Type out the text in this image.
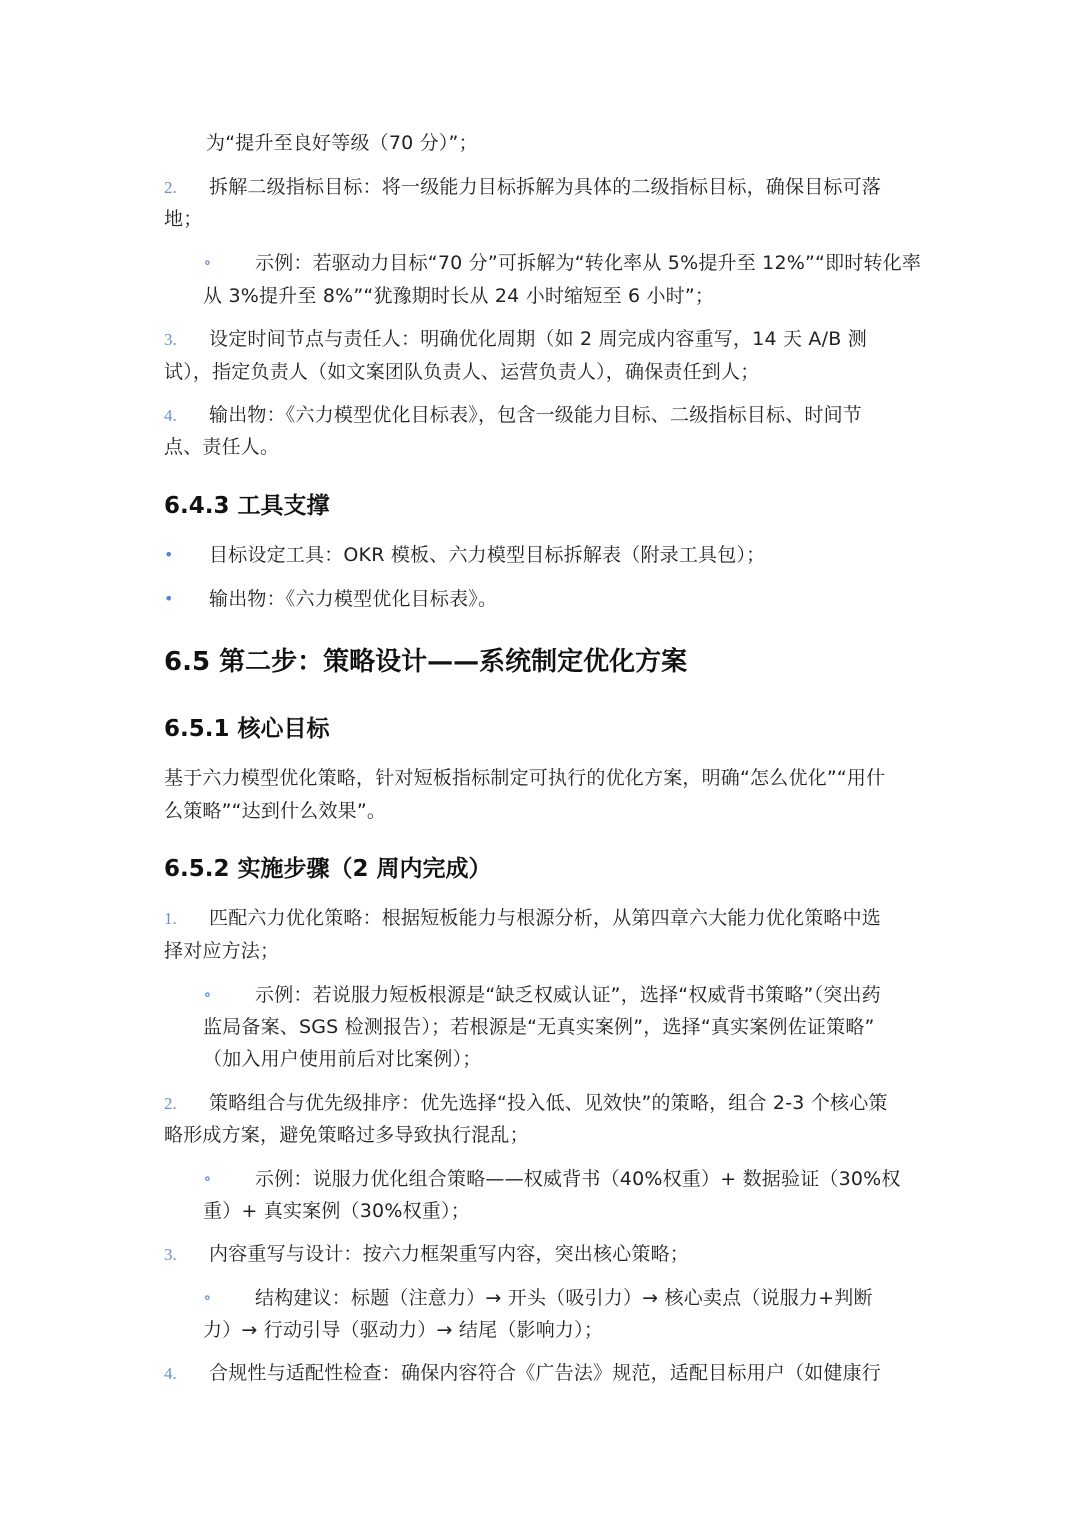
为“提升至良好等级（70 分）”；
2. 拆解二级指标目标：将一级能力目标拆解为具体的二级指标目标，确保目标可落
地；
∘ 示例：若驱动力目标“70 分”可拆解为“转化率从 5%提升至 12%”“即时转化率
从 3%提升至 8%”“犹豫期时长从 24 小时缩短至 6 小时”；
3. 设定时间节点与责任人：明确优化周期（如 2 周完成内容重写，14 天 A/B 测
试），指定负责人（如文案团队负责人、运营负责人），确保责任到人；
4. 输出物：《六力模型优化目标表》，包含一级能力目标、二级指标目标、时间节
点、责任人。
6.4.3 工具支撑
• 目标设定工具：OKR 模板、六力模型目标拆解表（附录工具包）；
• 输出物：《六力模型优化目标表》。
6.5 第二步：策略设计——系统制定优化方案
6.5.1 核心目标
基于六力模型优化策略，针对短板指标制定可执行的优化方案，明确“怎么优化”“用什
么策略”“达到什么效果”。
6.5.2 实施步骤（2 周内完成）
1. 匹配六力优化策略：根据短板能力与根源分析，从第四章六大能力优化策略中选
择对应方法；
∘ 示例：若说服力短板根源是“缺乏权威认证”，选择“权威背书策略”（突出药
监局备案、SGS 检测报告）；若根源是“无真实案例”，选择“真实案例佐证策略”
（加入用户使用前后对比案例）；
2. 策略组合与优先级排序：优先选择“投入低、见效快”的策略，组合 2-3 个核心策
略形成方案，避免策略过多导致执行混乱；
∘ 示例：说服力优化组合策略——权威背书（40%权重）+ 数据验证（30%权
重）+ 真实案例（30%权重）；
3. 内容重写与设计：按六力框架重写内容，突出核心策略；
∘ 结构建议：标题（注意力）→ 开头（吸引力）→ 核心卖点（说服力+判断
力）→ 行动引导（驱动力）→ 结尾（影响力）；
4. 合规性与适配性检查：确保内容符合《广告法》规范，适配目标用户（如健康行
